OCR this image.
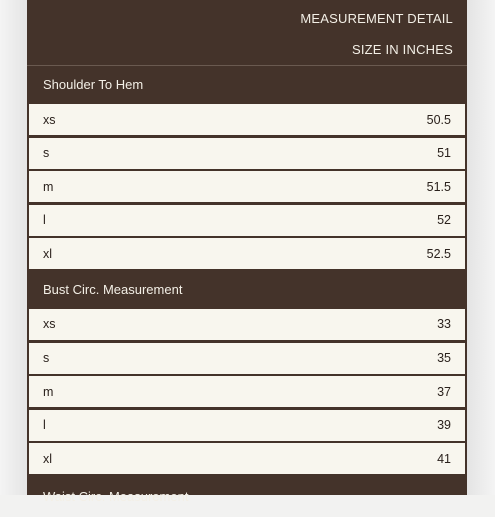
MEASUREMENT DETAIL
SIZE IN INCHES
Shoulder To Hem
xs	50.5
s	51
m	51.5
l	52
xl	52.5
Bust Circ. Measurement
xs	33
s	35
m	37
l	39
xl	41
Waist Circ. Measurement
